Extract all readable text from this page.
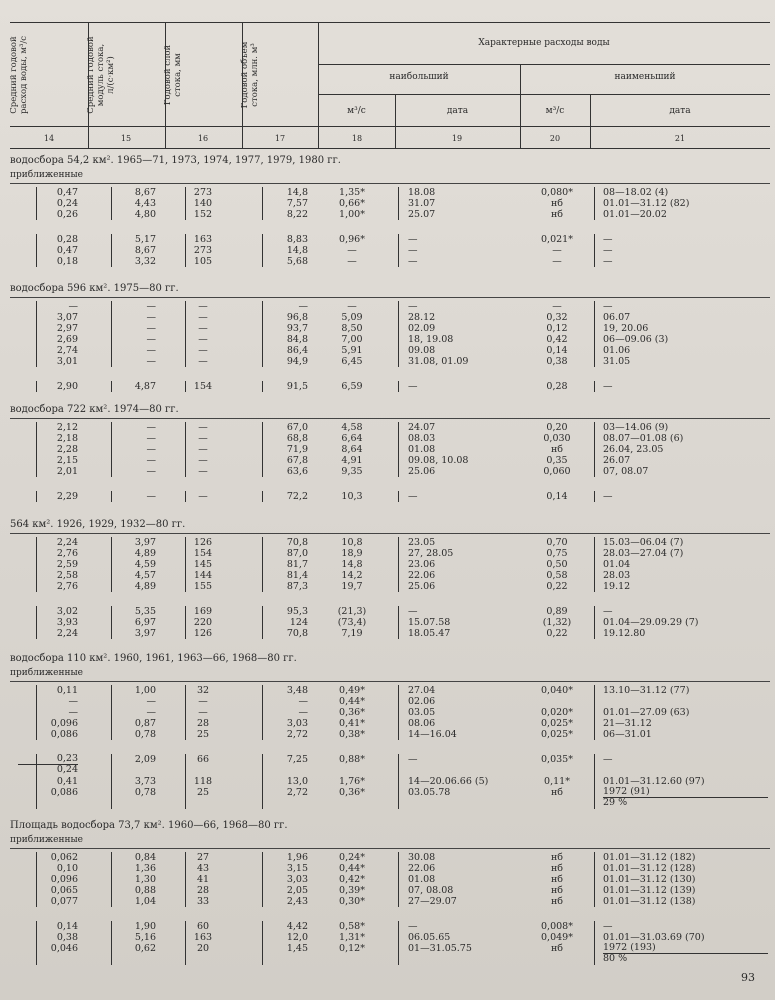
Средний годовой расход воды, м³/с	Средний годовой модуль стока, л/(с·км²)	Годовой слой стока, мм	Годовой объем стока, млн. м³
Характерные расходы воды
наибольший	наименьший
м³/с	дата	м³/с	дата
14	15	16	17	18	19	20	21
водосбора 54,2 км². 1965—71, 1973, 1974, 1977, 1979, 1980 гг.
приближенные
0,47	8,67	273	14,8	1,35*	18.08	0,080*	08—18.02 (4)
0,24	4,43	140	7,57	0,66*	31.07	нб	01.01—31.12 (82)
0,26	4,80	152	8,22	1,00*	25.07	нб	01.01—20.02
0,28	5,17	163	8,83	0,96*	—	0,021*	—
0,47	8,67	273	14,8	—	—	—	—
0,18	3,32	105	5,68	—	—	—	—
водосбора 596 км². 1975—80 гг.
—	—	—	—	—	—	—	—
3,07	—	—	96,8	5,09	28.12	0,32	06.07
2,97	—	—	93,7	8,50	02.09	0,12	19, 20.06
2,69	—	—	84,8	7,00	18, 19.08	0,42	06—09.06 (3)
2,74	—	—	86,4	5,91	09.08	0,14	01.06
3,01	—	—	94,9	6,45	31.08, 01.09	0,38	31.05
2,90	4,87	154	91,5	6,59	—	0,28	—
водосбора 722 км². 1974—80 гг.
2,12	—	—	67,0	4,58	24.07	0,20	03—14.06 (9)
2,18	—	—	68,8	6,64	08.03	0,030	08.07—01.08 (6)
2,28	—	—	71,9	8,64	01.08	нб	26.04, 23.05
2,15	—	—	67,8	4,91	09.08, 10.08	0,35	26.07
2,01	—	—	63,6	9,35	25.06	0,060	07, 08.07
2,29	—	—	72,2	10,3	—	0,14	—
564 км². 1926, 1929, 1932—80 гг.
2,24	3,97	126	70,8	10,8	23.05	0,70	15.03—06.04 (7)
2,76	4,89	154	87,0	18,9	27, 28.05	0,75	28.03—27.04 (7)
2,59	4,59	145	81,7	14,8	23.06	0,50	01.04
2,58	4,57	144	81,4	14,2	22.06	0,58	28.03
2,76	4,89	155	87,3	19,7	25.06	0,22	19.12
3,02	5,35	169	95,3	(21,3)	—	0,89	—
3,93	6,97	220	124	(73,4)	15.07.58	(1,32)	01.04—29.09.29 (7)
2,24	3,97	126	70,8	7,19	18.05.47	0,22	19.12.80
водосбора 110 км². 1960, 1961, 1963—66, 1968—80 гг.
приближенные
0,11	1,00	32	3,48	0,49*	27.04	0,040*	13.10—31.12 (77)
—	—	—	—	0,44*	02.06
—	—	—	—	0,36*	03.05	0,020*	01.01—27.09 (63)
0,096	0,87	28	3,03	0,41*	08.06	0,025*	21—31.12
0,086	0,78	25	2,72	0,38*	14—16.04	0,025*	06—31.01
$\frac{0,23}{0,24}$	2,09	66	7,25	0,88*	—	0,035*	—
0,41	3,73	118	13,0	1,76*	14—20.06.66 (5)	0,11*	01.01—31.12.60 (97)
0,086	0,78	25	2,72	0,36*	03.05.78	нб	$\frac{1972 (91)}{29 \%}$
Площадь водосбора 73,7 км². 1960—66, 1968—80 гг.
приближенные
0,062	0,84	27	1,96	0,24*	30.08	нб	01.01—31.12 (182)
0,10	1,36	43	3,15	0,44*	22.06	нб	01.01—31.12 (128)
0,096	1,30	41	3,03	0,42*	01.08	нб	01.01—31.12 (130)
0,065	0,88	28	2,05	0,39*	07, 08.08	нб	01.01—31.12 (139)
0,077	1,04	33	2,43	0,30*	27—29.07	нб	01.01—31.12 (138)
0,14	1,90	60	4,42	0,58*	—	0,008*	—
0,38	5,16	163	12,0	1,31*	06.05.65	0,049*	01.01—31.03.69 (70)
0,046	0,62	20	1,45	0,12*	01—31.05.75	нб	$\frac{1972 (193)}{80 \%}$
93
